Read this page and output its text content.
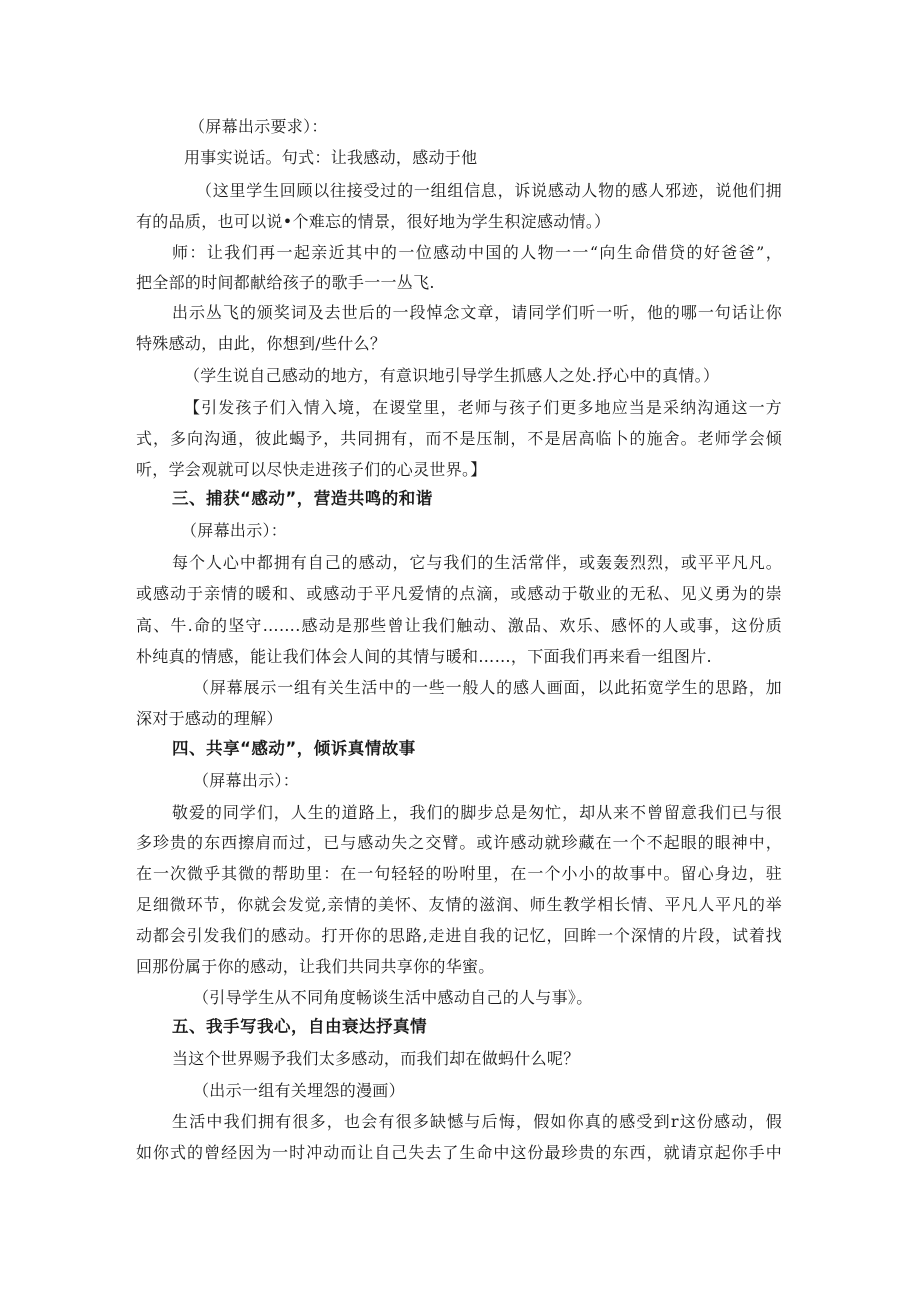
（屏幕出示要求）：
用事实说话。句式：让我感动，感动于他
（这里学生回顾以往接受过的一组组信息，诉说感动人物的感人邪迹，说他们拥
有的品质，也可以说•个难忘的情景，很好地为学生积淀感动情。）
师：让我们再一起亲近其中的一位感动中国的人物一一“向生命借贷的好爸爸”，
把全部的时间都献给孩子的歌手一一丛飞.
出示丛飞的颁奖词及去世后的一段悼念文章，请同学们听一听，他的哪一句话让你
特殊感动，由此，你想到/些什么？
（学生说自己感动的地方，有意识地引导学生抓感人之处.抒心中的真情。）
【引发孩子们入情入境，在谡堂里，老师与孩子们更多地应当是采纳沟通这一方
式，多向沟通，彼此蝎予，共同拥有，而不是压制，不是居高临卜的施舍。老师学会倾
听，学会观就可以尽快走进孩子们的心灵世界。】
三、捕获“感动”，营造共鸣的和谐
（屏幕出示）：
每个人心中都拥有自己的感动，它与我们的生活常伴，或轰轰烈烈，或平平凡凡。
或感动于亲情的暖和、或感动于平凡爱情的点滴，或感动于敬业的无私、见义勇为的崇
高、牛.命的坚守…….感动是那些曾让我们触动、激品、欢乐、感怀的人或事，这份质
朴纯真的情感，能让我们体会人间的其情与暖和……，下面我们再来看一组图片.
（屏幕展示一组有关生活中的一些一般人的感人画面，以此拓宽学生的思路，加
深对于感动的理解）
四、共享“感动”，倾诉真情故事
（屏幕出示）：
敬爱的同学们，人生的道路上，我们的脚步总是匆忙，却从来不曾留意我们已与很
多珍贵的东西擦肩而过，已与感动失之交臂。或许感动就珍藏在一个不起眼的眼神中，
在一次微乎其微的帮助里：在一句轻轻的吩咐里，在一个小小的故事中。留心身边，驻
足细微环节，你就会发觉,亲情的美怀、友情的滋润、师生教学相长情、平凡人平凡的举
动都会引发我们的感动。打开你的思路,走进自我的记忆，回眸一个深情的片段，试着找
回那份属于你的感动，让我们共同共享你的华蜜。
（引导学生从不同角度畅谈生活中感动自己的人与事》。
五、我手写我心，自由衰达抒真情
当这个世界赐予我们太多感动，而我们却在做蚂什么呢？
（出示一组有关埋怨的漫画）
生活中我们拥有很多，也会有很多缺憾与后悔，假如你真的感受到r这份感动，假
如你式的曾经因为一时冲动而让自己失去了生命中这份最珍贵的东西，就请京起你手中
